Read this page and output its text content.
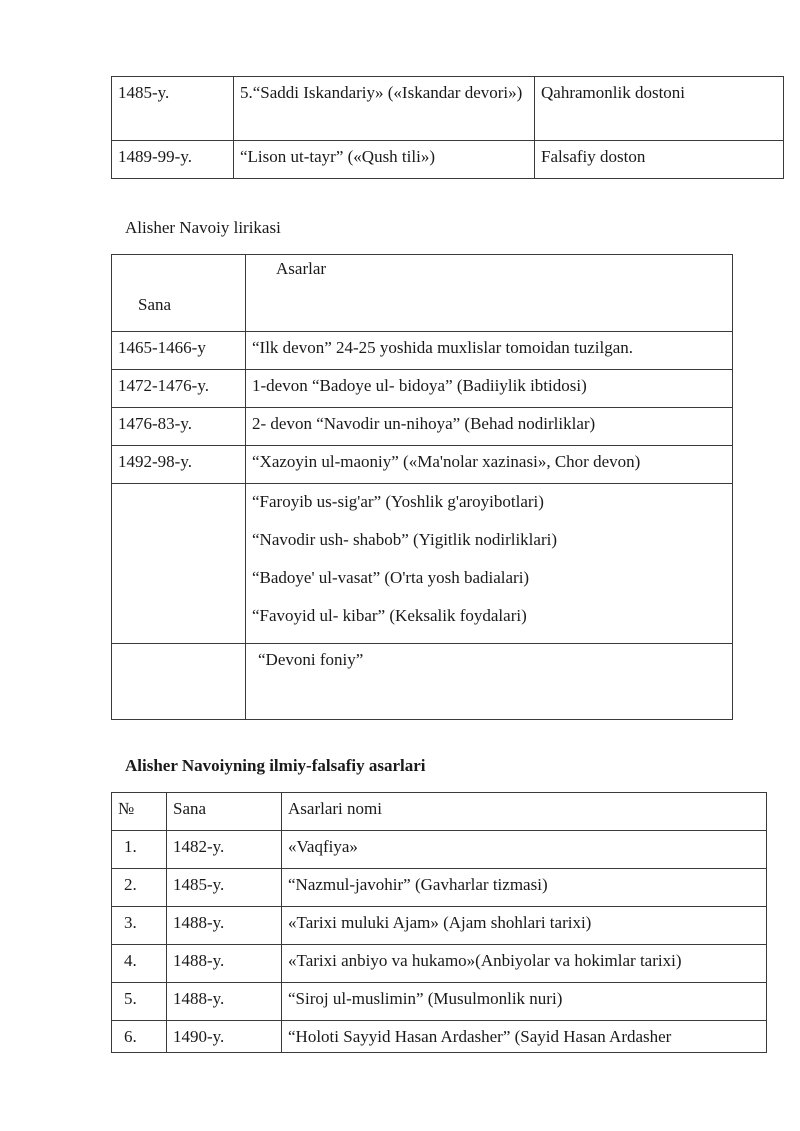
1485-y.	5.“Saddi Iskandariy» («Iskandar devori»)	Qahramonlik dostoni

1489-99-y.	“Lison ut-tayr” («Qush tili»)	Falsafiy doston
Alisher Navoiy lirikasi
Sana	Asarlar

1465-1466-y	“Ilk devon” 24-25 yoshida muxlislar tomoidan tuzilgan.

1472-1476-y.	1-devon “Badoye ul- bidoya” (Badiiylik ibtidosi)

1476-83-y.	2- devon “Navodir un-nihoya” (Behad nodirliklar)

1492-98-y.	“Xazoyin ul-maoniy” («Ma'nolar xazinasi», Chor devon)

	“Faroyib us-sig'ar” (Yoshlik g'aroyibotlari)
“Navodir ush- shabob” (Yigitlik nodirliklari)
“Badoye' ul-vasat” (O'rta yosh badialari)
“Favoyid ul- kibar” (Keksalik foydalari)

	“Devoni foniy”
Alisher Navoiyning ilmiy-falsafiy asarlari
№	Sana	Asarlari nomi

1.	1482-y.	«Vaqfiya»

2.	1485-y.	“Nazmul-javohir” (Gavharlar tizmasi)

3.	1488-y.	«Tarixi muluki Ajam» (Ajam shohlari tarixi)

4.	1488-y.	«Tarixi anbiyo va hukamo»(Anbiyolar va hokimlar tarixi)

5.	1488-y.	“Siroj ul-muslimin” (Musulmonlik nuri)

6.	1490-y.	“Holoti Sayyid Hasan Ardasher” (Sayid Hasan Ardasher
